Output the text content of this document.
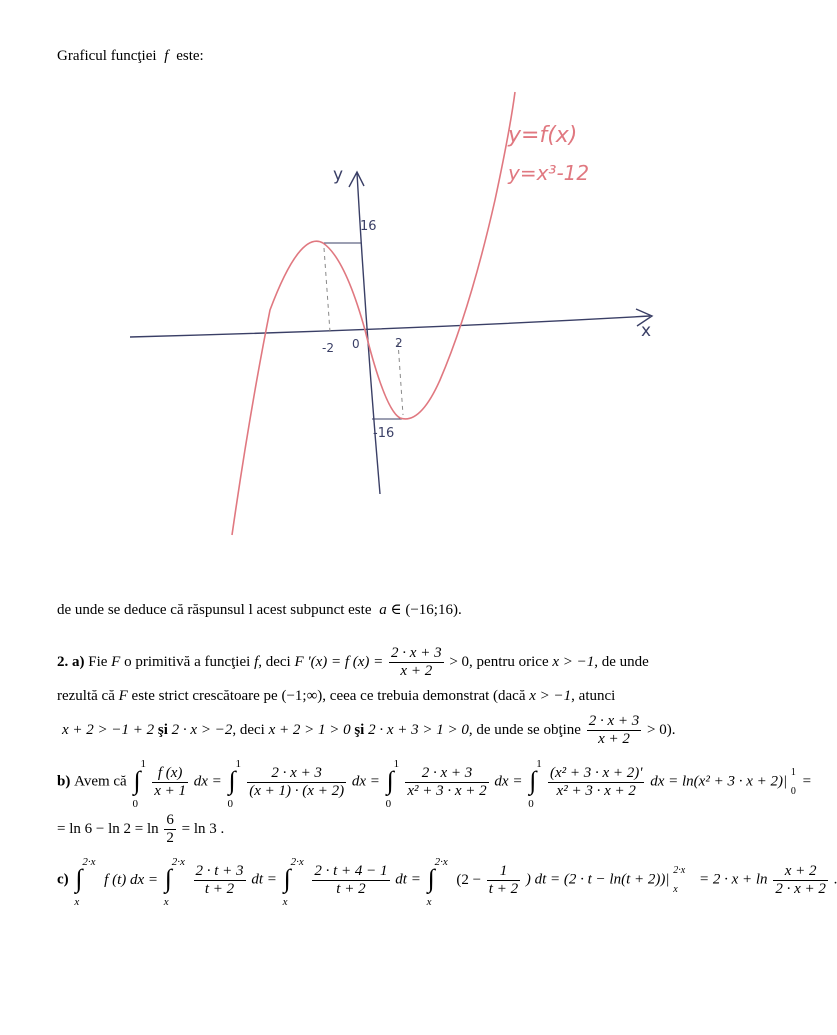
Graficul funcţiei f este:
y
x
0
-2	2
16
-16
y=f(x)
y=x³-12
de unde se deduce că răspunsul l acest subpunct este a ∈ (−16;16).
2. a) Fie F o primitivă a funcţiei f, deci F '(x) = f $(x) = \frac{2 \cdot x + 3}{x + 2} > 0$, pentru orice x > −1, de unde
rezultă că F este strict crescătoare pe (−1;∞), ceea ce trebuia demonstrat (dacă x > −1, atunci
x + 2 > −1 + 2 şi 2 · x > −2, deci x + 2 > 1 > 0 şi 2 · x + 3 > 1 > 0, de unde se obţine $\frac{2 \cdot x + 3}{x + 2} > 0$).
b) Avem că ∫
1
0

$\frac{f (x)}{x + 1}$ dx = ∫
1
0

$\frac{2 \cdot x + 3}{(x + 1) \cdot (x + 2)}$ dx = ∫
1
0

$\frac{2 \cdot x + 3}{\text{x² + 3 · x + 2}}$ dx = ∫
1
0

$\frac{\text{(x² + 3 · x + 2)'}}{\text{x² + 3 · x + 2}}$ dx = ln(x² + 3 · x + 2)|
1
0
=
= $\ln 6 - \ln 2 = \ln \frac{6}{2} = \ln 3$ .
c) ∫
2·x
x
f (t) dx = ∫
2·x
x

$\frac{2 \cdot t + 3}{t + 2}$ dt = ∫
2·x
x

$\frac{2 \cdot t + 4 - 1}{t + 2}$ dt = ∫
2·x
x
($2 - \frac{1}{t + 2}$ ) dt = (2 · t − ln(t + 2))|
2·x
x
= $2 \cdot x + \ln \frac{x + 2}{2 \cdot x + 2}$ .
